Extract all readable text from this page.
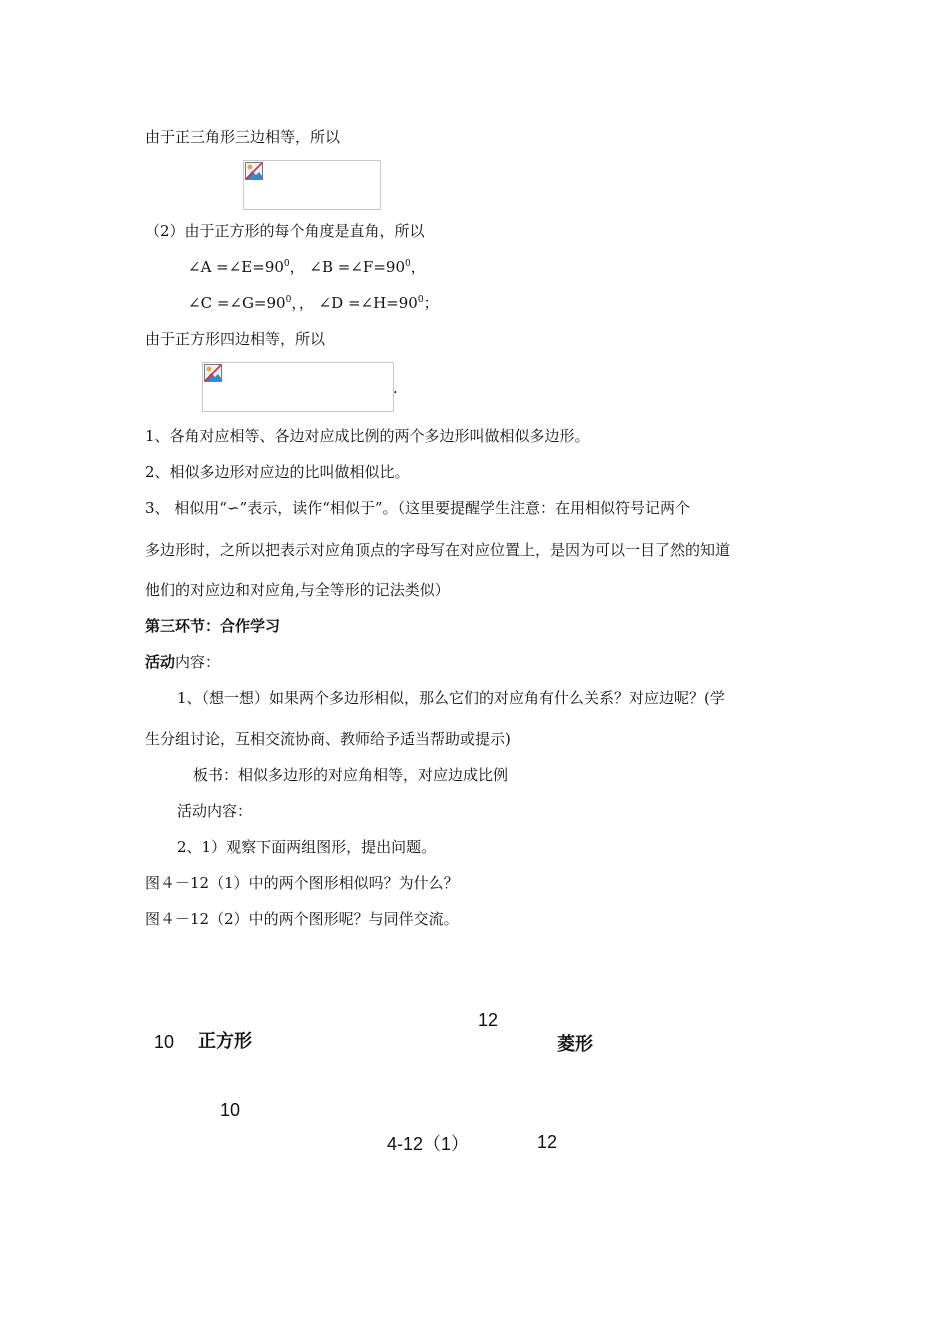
由于正三角形三边相等，所以
（2）由于正方形的每个角度是直角，所以
∠A $=\angle E=90^0$， ∠B $=\angle F=90^0$，
∠C $=\angle G=90^0$，， ∠D $=\angle H=90^0$；
由于正方形四边相等，所以
.
1、各角对应相等、各边对应成比例的两个多边形叫做相似多边形。
2、相似多边形对应边的比叫做相似比。
3、 相似用“∽”表示，读作“相似于”。（这里要提醒学生注意：在用相似符号记两个
多边形时，之所以把表示对应角顶点的字母写在对应位置上，是因为可以一目了然的知道
他们的对应边和对应角,与全等形的记法类似）
第三环节：合作学习
活动内容：
1、（想一想）如果两个多边形相似，那么它们的对应角有什么关系？对应边呢？(学
生分组讨论，互相交流协商、教师给予适当帮助或提示)
板书：相似多边形的对应角相等，对应边成比例
活动内容：
2、1）观察下面两组图形，提出问题。
图４－12（1）中的两个图形相似吗？为什么？
图４－12（2）中的两个图形呢？与同伴交流。
12
10 正方形	菱形
10
4-12（1）	12
